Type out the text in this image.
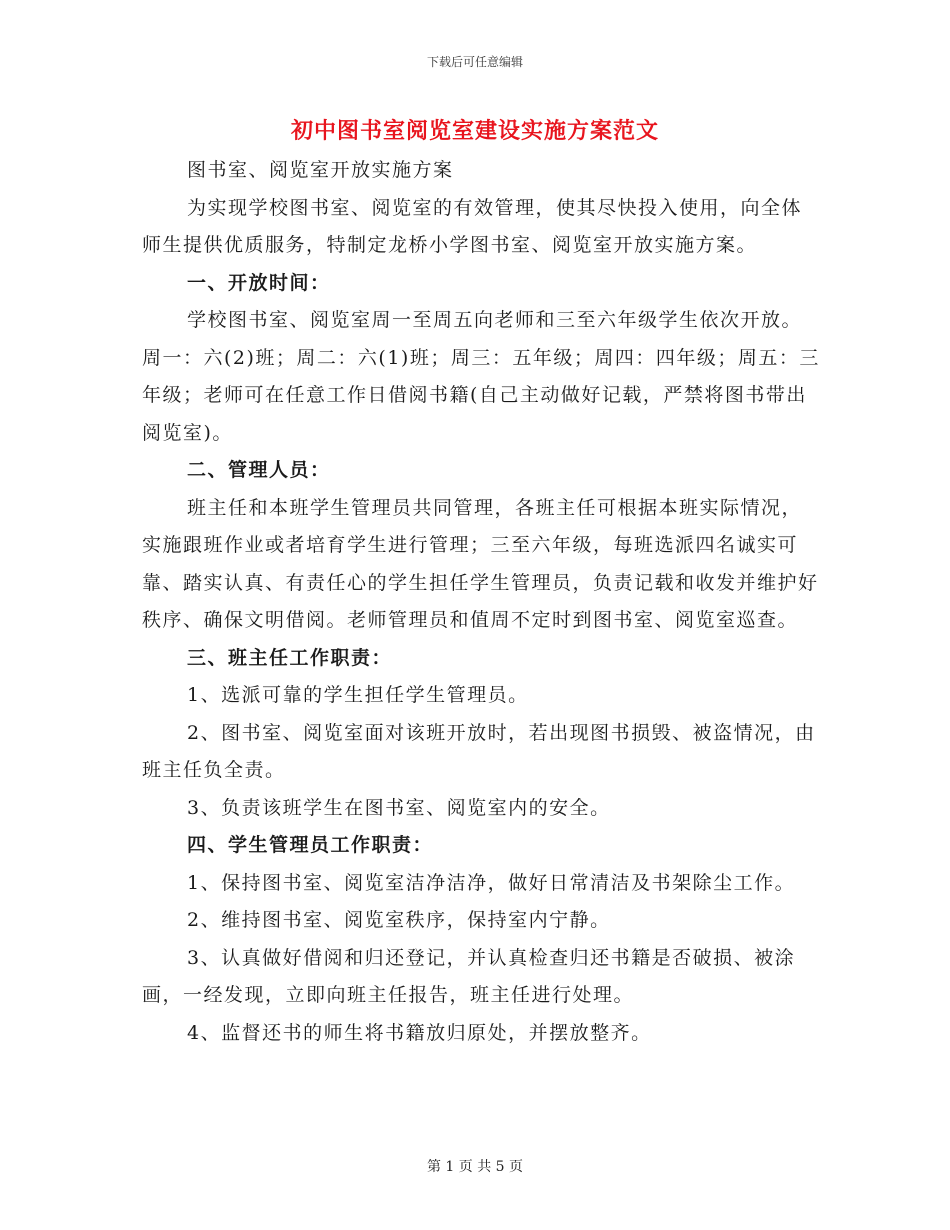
下载后可任意编辑
初中图书室阅览室建设实施方案范文

图书室、阅览室开放实施方案

为实现学校图书室、阅览室的有效管理，使其尽快投入使用，向全体师生提供优质服务，特制定龙桥小学图书室、阅览室开放实施方案。

一、开放时间：

学校图书室、阅览室周一至周五向老师和三至六年级学生依次开放。周一：六(2)班；周二：六(1)班；周三：五年级；周四：四年级；周五：三年级；老师可在任意工作日借阅书籍(自己主动做好记载，严禁将图书带出阅览室)。

二、管理人员：

班主任和本班学生管理员共同管理，各班主任可根据本班实际情况，实施跟班作业或者培育学生进行管理；三至六年级，每班选派四名诚实可靠、踏实认真、有责任心的学生担任学生管理员，负责记载和收发并维护好秩序、确保文明借阅。老师管理员和值周不定时到图书室、阅览室巡查。

三、班主任工作职责：

1、选派可靠的学生担任学生管理员。

2、图书室、阅览室面对该班开放时，若出现图书损毁、被盗情况，由班主任负全责。

3、负责该班学生在图书室、阅览室内的安全。

四、学生管理员工作职责：

1、保持图书室、阅览室洁净洁净，做好日常清洁及书架除尘工作。

2、维持图书室、阅览室秩序，保持室内宁静。

3、认真做好借阅和归还登记，并认真检查归还书籍是否破损、被涂画，一经发现，立即向班主任报告，班主任进行处理。

4、监督还书的师生将书籍放归原处，并摆放整齐。

第 1 页 共 5 页
